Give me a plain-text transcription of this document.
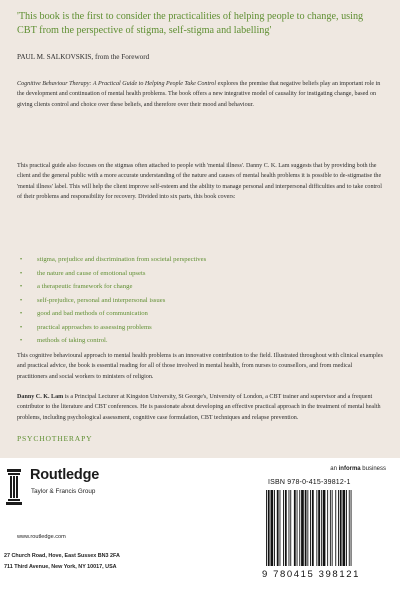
'This book is the first to consider the practicalities of helping people to change, using CBT from the perspective of stigma, self-stigma and labelling'
PAUL M. SALKOVSKIS, from the Foreword

Cognitive Behaviour Therapy: A Practical Guide to Helping People Take Control explores the premise that negative beliefs play an important role in the development and continuation of mental health problems. The book offers a new integrative model of causality for instigating change, based on giving clients control and choice over these beliefs, and therefore over their mood and behaviour.

This practical guide also focuses on the stigmas often attached to people with 'mental illness'. Danny C. K. Lam suggests that by providing both the client and the general public with a more accurate understanding of the nature and causes of mental health problems it is possible to de-stigmatise the 'mental illness' label. This will help the client improve self-esteem and the ability to manage personal and interpersonal difficulties and to take control of their problems and responsibility for recovery. Divided into six parts, this book covers:

•	stigma, prejudice and discrimination from societal perspectives
•	the nature and cause of emotional upsets
•	a therapeutic framework for change
•	self-prejudice, personal and interpersonal issues
•	good and bad methods of communication
•	practical approaches to assessing problems
•	methods of taking control.

This cognitive behavioural approach to mental health problems is an innovative contribution to the field. Illustrated throughout with clinical examples and practical advice, the book is essential reading for all of those involved in mental health, from nurses to counsellors, and from medical practitioners and social workers to ministers of religion.

Danny C. K. Lam is a Principal Lecturer at Kingston University, St George's, University of London, a CBT trainer and supervisor and a frequent contributor to the literature and CBT conferences. He is passionate about developing an effective practical approach in the treatment of mental health problems, including psychological assessment, cognitive case formulation, CBT techniques and relapse prevention.

PSYCHOTHERAPY
an informa business
Routledge
Taylor & Francis Group
www.routledge.com
27 Church Road, Hove, East Sussex BN3 2FA
711 Third Avenue, New York, NY 10017, USA
ISBN 978-0-415-39812-1
9 780415 398121
